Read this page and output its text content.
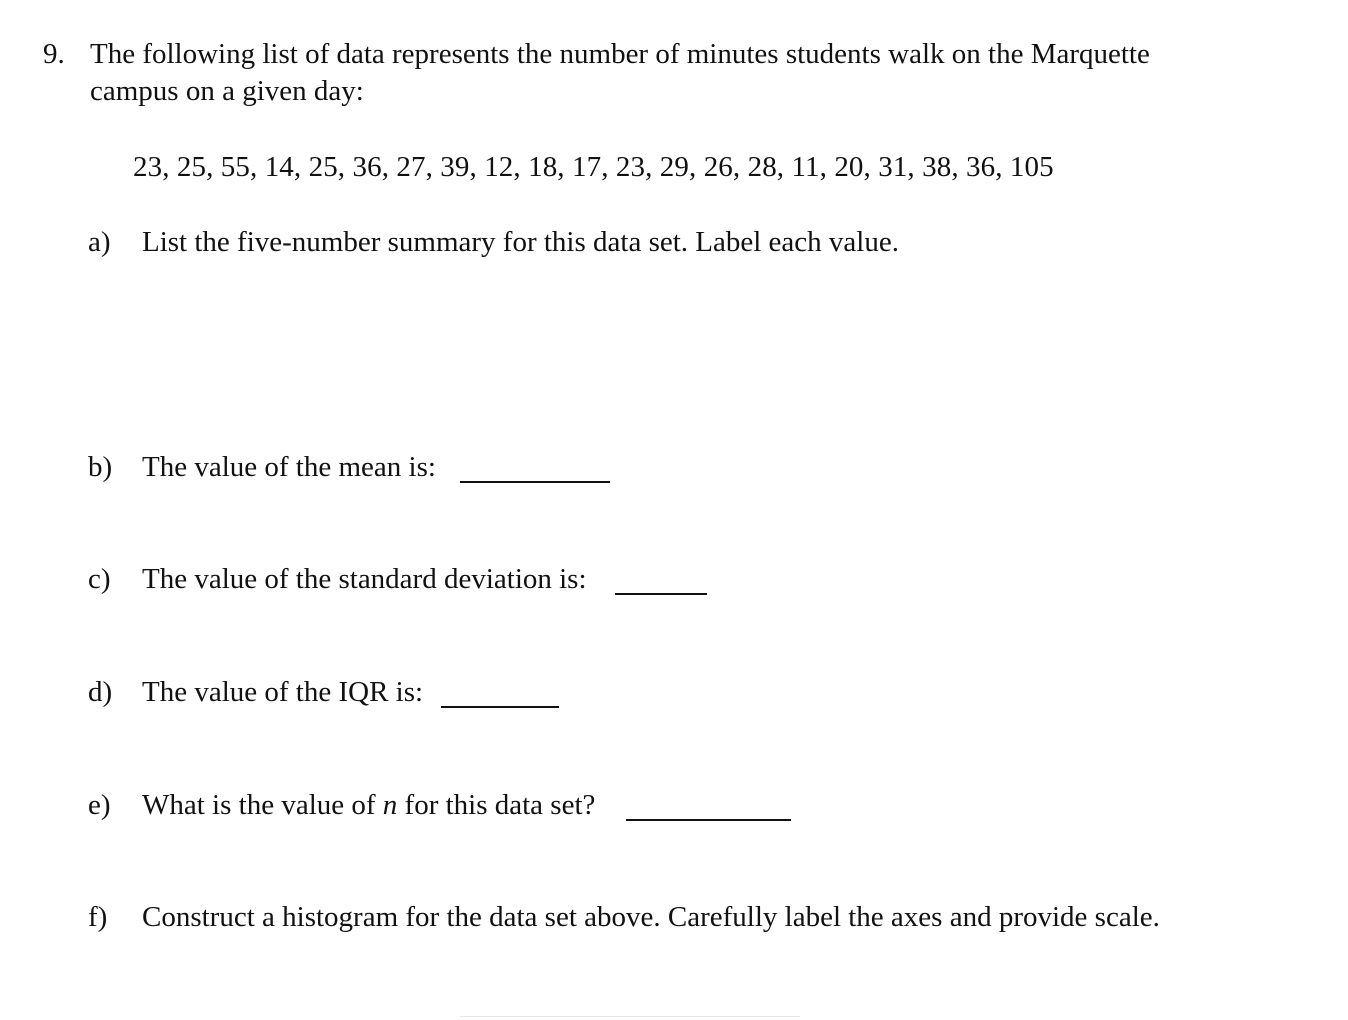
9. The following list of data represents the number of minutes students walk on the Marquette
campus on a given day:
23, 25, 55, 14, 25, 36, 27, 39, 12, 18, 17, 23, 29, 26, 28, 11, 20, 31, 38, 36, 105
a) List the five-number summary for this data set. Label each value.
b) The value of the mean is:
c) The value of the standard deviation is:
d) The value of the IQR is:
e) What is the value of n for this data set?
f) Construct a histogram for the data set above. Carefully label the axes and provide scale.
